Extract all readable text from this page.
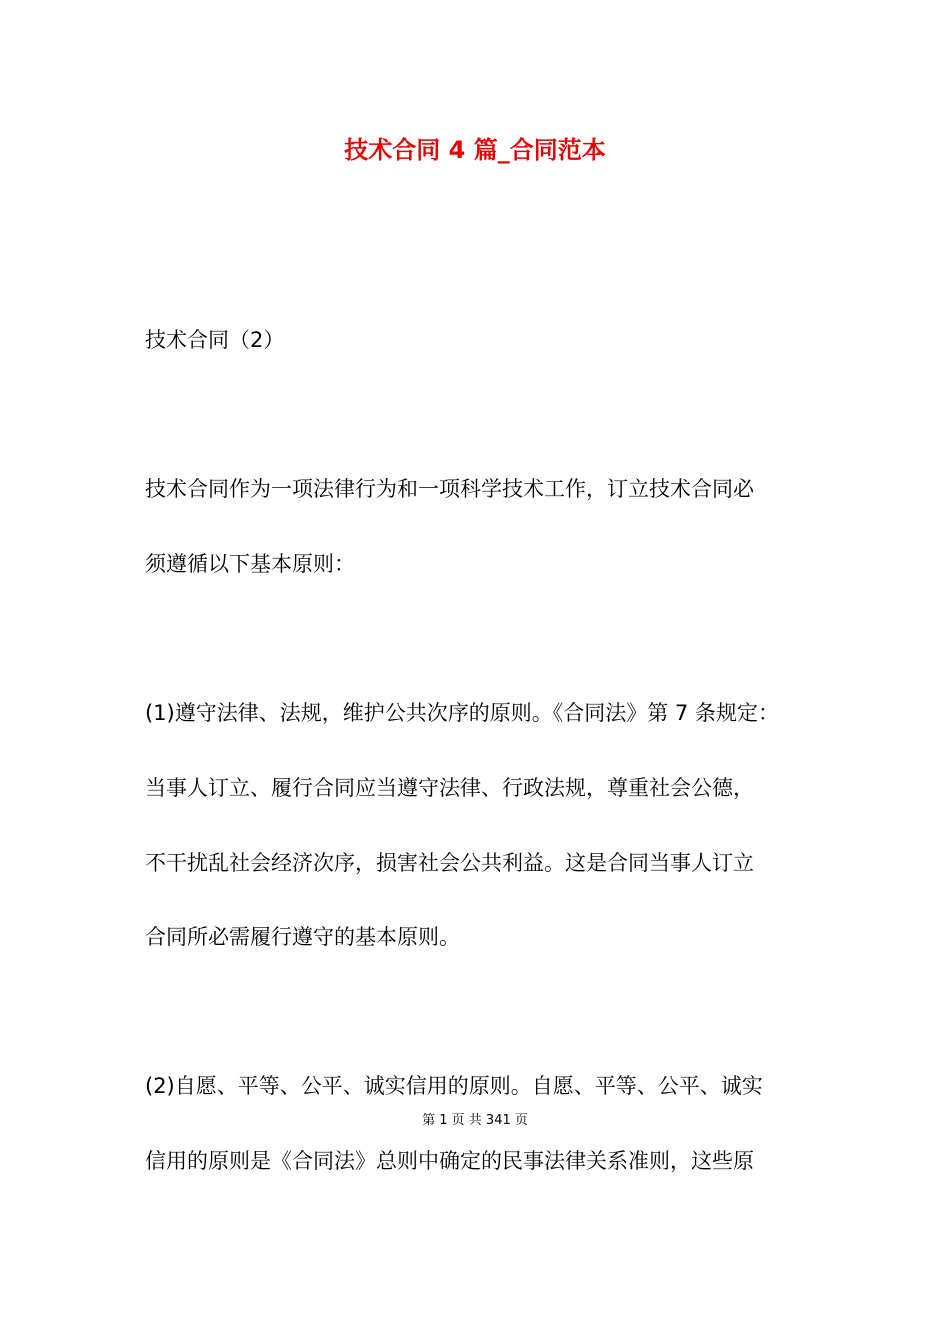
技术合同 4 篇_合同范本
技术合同（2）
技术合同作为一项法律行为和一项科学技术工作，订立技术合同必
须遵循以下基本原则：
(1)遵守法律、法规，维护公共次序的原则。《合同法》第 7 条规定：
当事人订立、履行合同应当遵守法律、行政法规，尊重社会公德，
不干扰乱社会经济次序，损害社会公共利益。这是合同当事人订立
合同所必需履行遵守的基本原则。
(2)自愿、平等、公平、诚实信用的原则。自愿、平等、公平、诚实
信用的原则是《合同法》总则中确定的民事法律关系准则，这些原
第 1 页 共 341 页
